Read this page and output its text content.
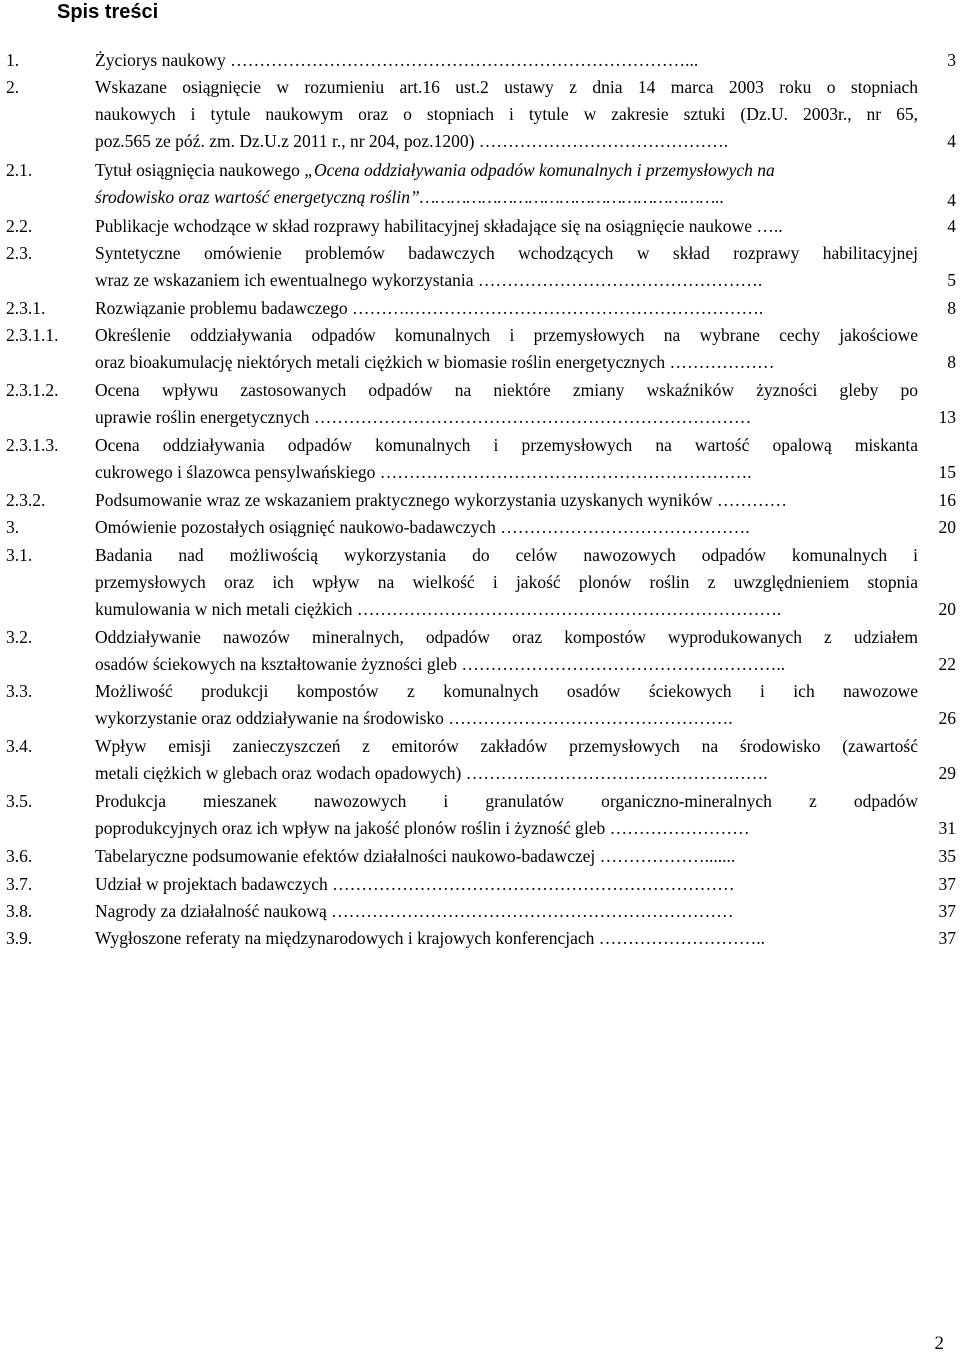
Spis treści
1.	Życiorys naukowy ……………………………………………………………………...	3
2.	Wskazane osiągnięcie w rozumieniu art.16 ust.2 ustawy z dnia 14 marca 2003 roku o stopniach
naukowych i tytule naukowym oraz o stopniach i tytule w zakresie sztuki (Dz.U. 2003r., nr 65,
poz.565 ze póź. zm. Dz.U.z 2011 r., nr 204, poz.1200) …………………………………….	4
2.1.	Tytuł osiągnięcia naukowego „Ocena oddziaływania odpadów komunalnych i przemysłowych na
środowisko oraz wartość energetyczną roślin”…………………………………………………..	4
2.2.	Publikacje wchodzące w skład rozprawy habilitacyjnej składające się na osiągnięcie naukowe …..	4
2.3.	Syntetyczne omówienie problemów badawczych wchodzących w skład rozprawy habilitacyjnej
wraz ze wskazaniem ich ewentualnego wykorzystania ………………………………………….	5
2.3.1.	Rozwiązanie problemu badawczego ……….…………………………………………………….	8
2.3.1.1. Określenie oddziaływania odpadów komunalnych i przemysłowych na wybrane cechy jakościowe
oraz bioakumulację niektórych metali ciężkich w biomasie roślin energetycznych ………………	8
2.3.1.2. Ocena wpływu zastosowanych odpadów na niektóre zmiany wskaźników żyzności gleby po
uprawie roślin energetycznych …………………………………………………………………	13
2.3.1.3. Ocena oddziaływania odpadów komunalnych i przemysłowych na wartość opalową miskanta
cukrowego i ślazowca pensylwańskiego ……………………………………………………….	15
2.3.2.	Podsumowanie wraz ze wskazaniem praktycznego wykorzystania uzyskanych wyników …………	16
3.	Omówienie pozostałych osiągnięć naukowo-badawczych …………………………………….	20
3.1.	Badania nad możliwością wykorzystania do celów nawozowych odpadów komunalnych i
przemysłowych oraz ich wpływ na wielkość i jakość plonów roślin z uwzględnieniem stopnia
kumulowania w nich metali ciężkich ……………………………………………………………….	20
3.2.	Oddziaływanie nawozów mineralnych, odpadów oraz kompostów wyprodukowanych z udziałem
osadów ściekowych na kształtowanie żyzności gleb ………………………………………………..	22
3.3.	Możliwość produkcji kompostów z komunalnych osadów ściekowych i ich nawozowe
wykorzystanie oraz oddziaływanie na środowisko ………………………………………….	26
3.4.	Wpływ emisji zanieczyszczeń z emitorów zakładów przemysłowych na środowisko (zawartość
metali ciężkich w glebach oraz wodach opadowych) …………………………………………….	29
3.5.	Produkcja mieszanek nawozowych i granulatów organiczno-mineralnych z odpadów
poprodukcyjnych oraz ich wpływ na jakość plonów roślin i żyzność gleb ……………………	31
3.6.	Tabelaryczne podsumowanie efektów działalności naukowo-badawczej ……………….......	35
3.7.	Udział w projektach badawczych ……………………………………………………………	37
3.8.	Nagrody za działalność naukową ……………………………………………………………	37
3.9.	Wygłoszone referaty na międzynarodowych i krajowych konferencjach ………………………..	37
2
